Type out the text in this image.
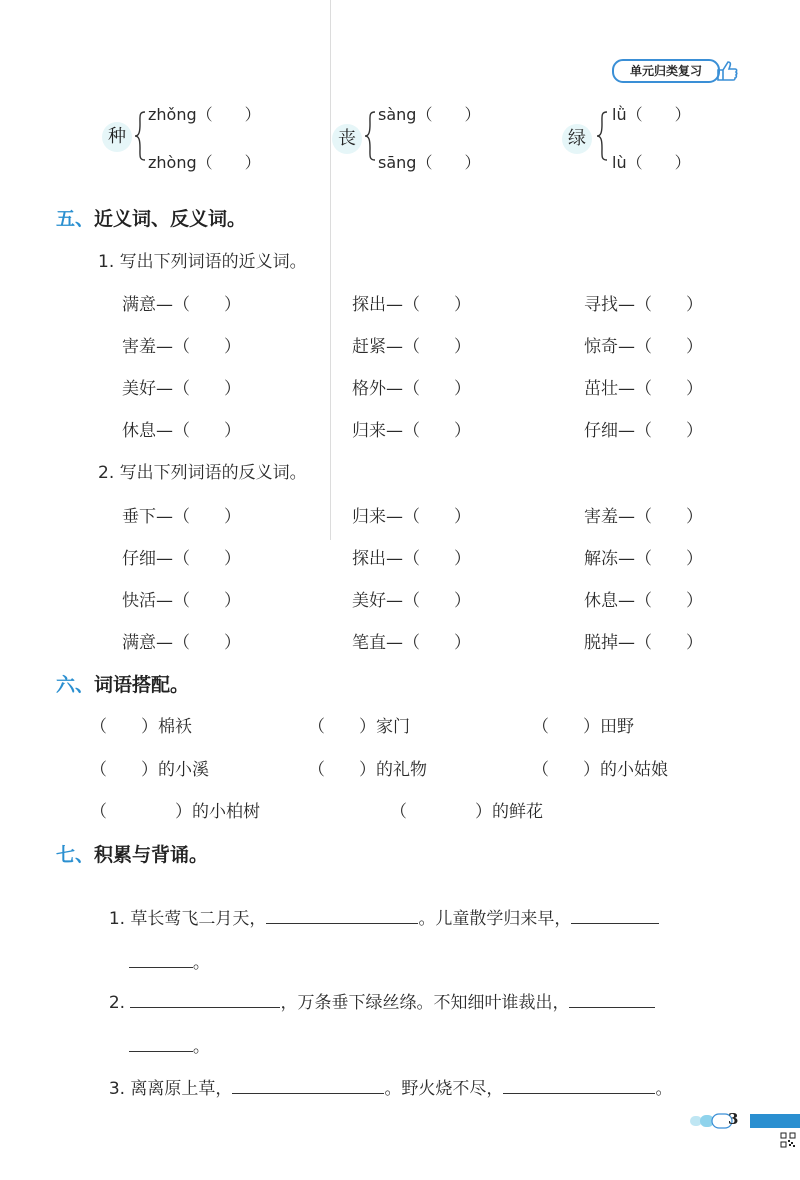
单元归类复习
种
zhǒng（　　）
zhòng（　　）
丧
sàng（　　）
sāng（　　）
绿
lǜ（　　）
lù（　　）
五、近义词、反义词。
1. 写出下列词语的近义词。
满意—（　　）	探出—（　　）	寻找—（　　）
害羞—（　　）	赶紧—（　　）	惊奇—（　　）
美好—（　　）	格外—（　　）	茁壮—（　　）
休息—（　　）	归来—（　　）	仔细—（　　）
2. 写出下列词语的反义词。
垂下—（　　）	归来—（　　）	害羞—（　　）
仔细—（　　）	探出—（　　）	解冻—（　　）
快活—（　　）	美好—（　　）	休息—（　　）
满意—（　　）	笔直—（　　）	脱掉—（　　）
六、词语搭配。
（　　）棉袄	（　　）家门	（　　）田野
（　　）的小溪	（　　）的礼物	（　　）的小姑娘
（　　　　）的小柏树	（　　　　）的鲜花
七、积累与背诵。

1. 草长莺飞二月天，	。儿童散学归来早，

。

2.	，万条垂下绿丝绦。不知细叶谁裁出，

。

3. 离离原上草，	。野火烧不尽，	。

3
